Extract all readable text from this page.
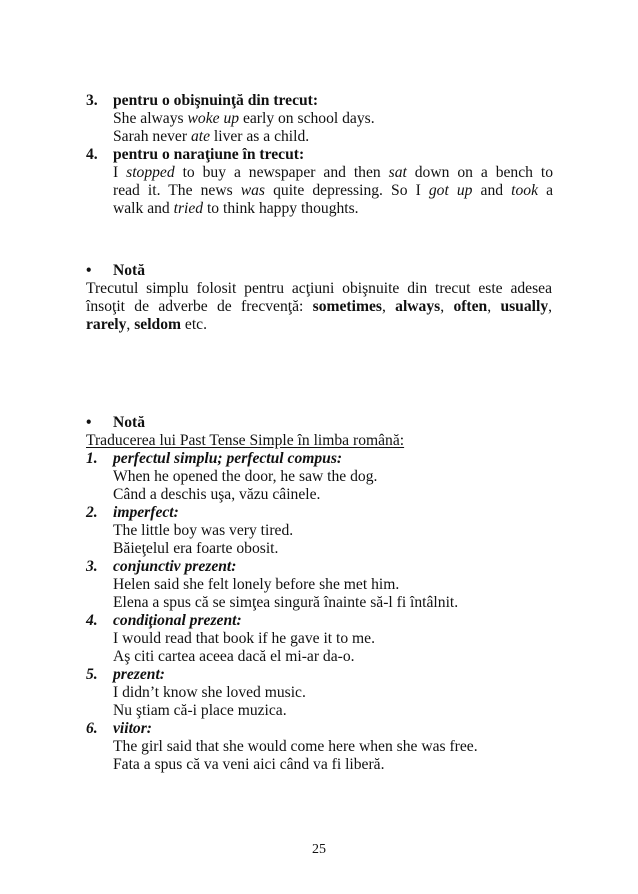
3. pentru o obişnuinţă din trecut:
She always woke up early on school days.
Sarah never ate liver as a child.
4. pentru o naraţiune în trecut:
I stopped to buy a newspaper and then sat down on a bench to
read it. The news was quite depressing. So I got up and took a
walk and tried to think happy thoughts.
• Notă
Trecutul simplu folosit pentru acţiuni obişnuite din trecut este adesea
însoţit de adverbe de frecvenţă: sometimes, always, often, usually,
rarely, seldom etc.
• Notă
Traducerea lui Past Tense Simple în limba română:
1. perfectul simplu; perfectul compus:
When he opened the door, he saw the dog.
Când a deschis uşa, văzu câinele.
2. imperfect:
The little boy was very tired.
Băieţelul era foarte obosit.
3. conjunctiv prezent:
Helen said she felt lonely before she met him.
Elena a spus că se simţea singură înainte să-l fi întâlnit.
4. condiţional prezent:
I would read that book if he gave it to me.
Aş citi cartea aceea dacă el mi-ar da-o.
5. prezent:
I didn’t know she loved music.
Nu ştiam că-i place muzica.
6. viitor:
The girl said that she would come here when she was free.
Fata a spus că va veni aici când va fi liberă.
25
